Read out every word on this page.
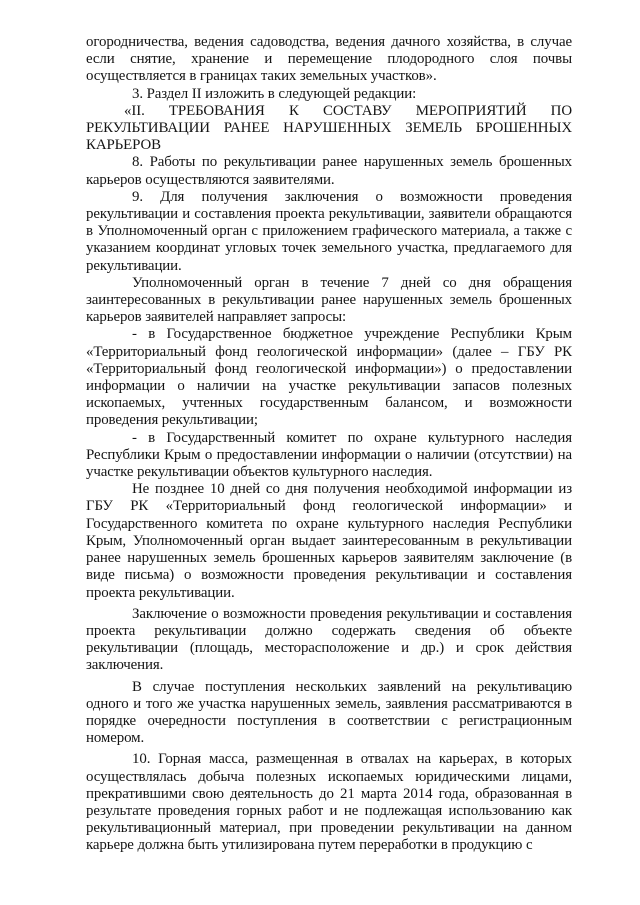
огородничества, ведения садоводства, ведения дачного хозяйства, в случае если снятие, хранение и перемещение плодородного слоя почвы осуществляется в границах таких земельных участков».

3. Раздел II изложить в следующей редакции:

«II. ТРЕБОВАНИЯ К СОСТАВУ МЕРОПРИЯТИЙ ПО РЕКУЛЬТИВАЦИИ РАНЕЕ НАРУШЕННЫХ ЗЕМЕЛЬ БРОШЕННЫХ КАРЬЕРОВ

8. Работы по рекультивации ранее нарушенных земель брошенных карьеров осуществляются заявителями.

9. Для получения заключения о возможности проведения рекультивации и составления проекта рекультивации, заявители обращаются в Уполномоченный орган с приложением графического материала, а также с указанием координат угловых точек земельного участка, предлагаемого для рекультивации.

Уполномоченный орган в течение 7 дней со дня обращения заинтересованных в рекультивации ранее нарушенных земель брошенных карьеров заявителей направляет запросы:

- в Государственное бюджетное учреждение Республики Крым «Территориальный фонд геологической информации» (далее – ГБУ РК «Территориальный фонд геологической информации») о предоставлении информации о наличии на участке рекультивации запасов полезных ископаемых, учтенных государственным балансом, и возможности проведения рекультивации;

- в Государственный комитет по охране культурного наследия Республики Крым о предоставлении информации о наличии (отсутствии) на участке рекультивации объектов культурного наследия.

Не позднее 10 дней со дня получения необходимой информации из ГБУ РК «Территориальный фонд геологической информации» и Государственного комитета по охране культурного наследия Республики Крым, Уполномоченный орган выдает заинтересованным в рекультивации ранее нарушенных земель брошенных карьеров заявителям заключение (в виде письма) о возможности проведения рекультивации и составления проекта рекультивации.

Заключение о возможности проведения рекультивации и составления проекта рекультивации должно содержать сведения об объекте рекультивации (площадь, месторасположение и др.) и срок действия заключения.

В случае поступления нескольких заявлений на рекультивацию одного и того же участка нарушенных земель, заявления рассматриваются в порядке очередности поступления в соответствии с регистрационным номером.

10. Горная масса, размещенная в отвалах на карьерах, в которых осуществлялась добыча полезных ископаемых юридическими лицами, прекратившими свою деятельность до 21 марта 2014 года, образованная в результате проведения горных работ и не подлежащая использованию как рекультивационный материал, при проведении рекультивации на данном карьере должна быть утилизирована путем переработки в продукцию с
